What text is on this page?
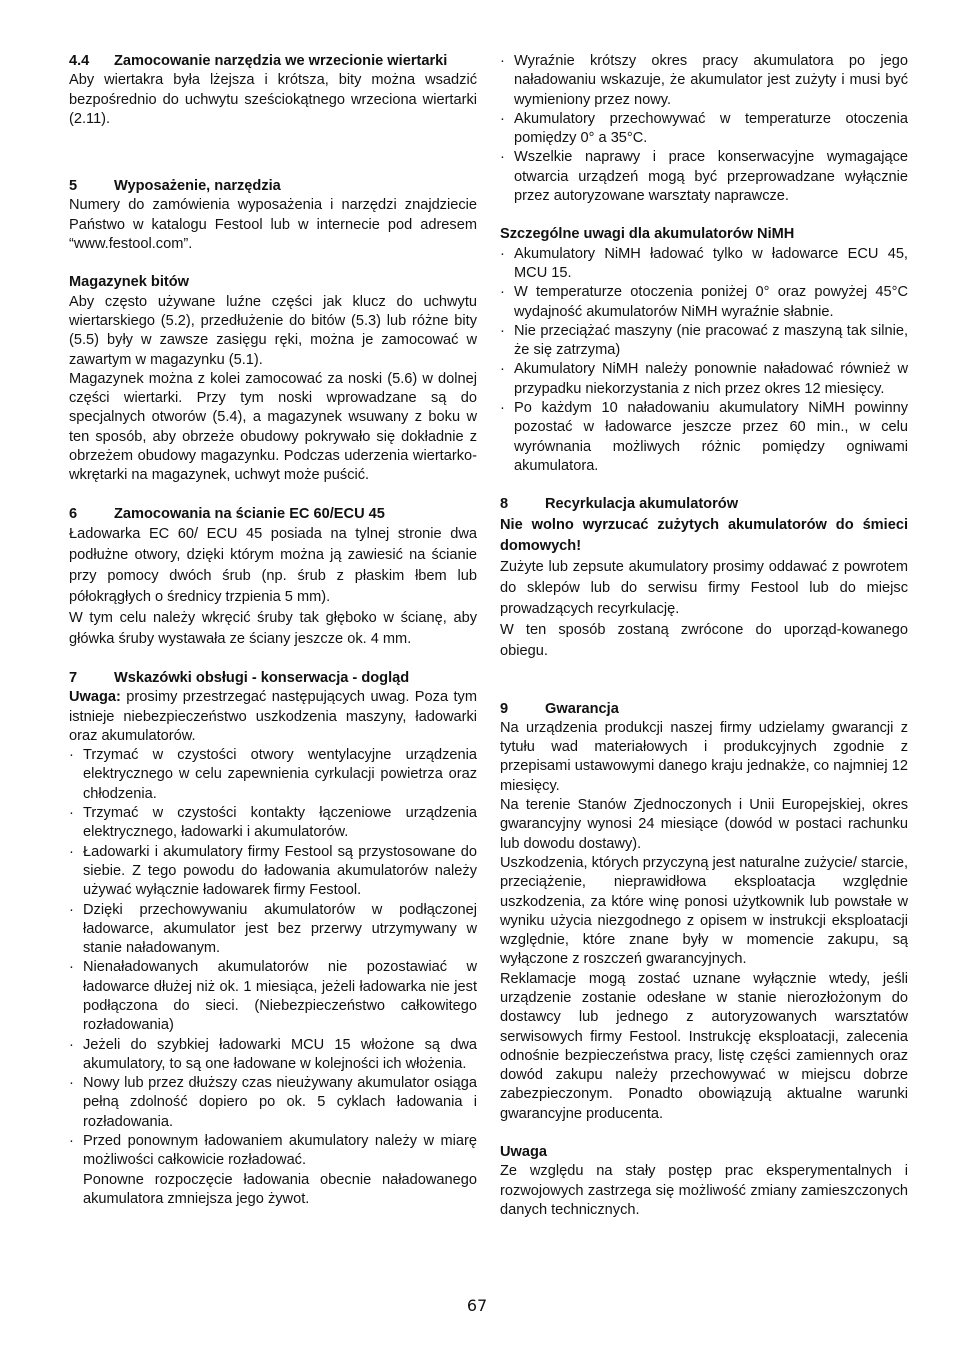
4.4 Zamocowanie narzędzia we wrzecionie wiertarki

Aby wiertakra była lżejsza i krótsza, bity można wsadzić bezpośrednio do uchwytu sześciokątnego wrzeciona wiertarki (2.11).

5	Wyposażenie, narzędzia

Numery do zamówienia wyposażenia i narzędzi znajdziecie Państwo w katalogu Festool lub w internecie pod adresem “www.festool.com”.

Magazynek bitów

Aby często używane luźne części jak klucz do uchwytu wiertarskiego (5.2), przedłużenie do bitów (5.3) lub różne bity (5.5) były w zawsze zasięgu ręki, można je zamocować w zawartym w magazynku (5.1).

Magazynek można z kolei zamocować za noski (5.6) w dolnej części wiertarki. Przy tym noski wprowadzane są do specjalnych otworów (5.4), a magazynek wsuwany z boku w ten sposób, aby obrzeże obudowy pokrywało się dokładnie z obrzeżem obudowy magazynku. Podczas uderzenia wiertarko-wkrętarki na magazynek, uchwyt może puścić.

6	Zamocowania na ścianie EC 60/ECU 45

Ładowarka EC 60/ ECU 45 posiada na tylnej stronie dwa podłużne otwory, dzięki którym można ją zawiesić na ścianie przy pomocy dwóch śrub (np. śrub z płaskim łbem lub półokrągłych o średnicy trzpienia 5 mm).

W tym celu należy wkręcić śruby tak głęboko w ścianę, aby główka śruby wystawała ze ściany jeszcze ok. 4 mm.

7	Wskazówki obsługi - konserwacja - dogląd

Uwaga: prosimy przestrzegać następujących uwag. Poza tym istnieje niebezpieczeństwo uszkodzenia maszyny, ładowarki oraz akumulatorów.

· Trzymać w czystości otwory wentylacyjne urządzenia elektrycznego w celu zapewnienia cyrkulacji powietrza oraz chłodzenia.
· Trzymać w czystości kontakty łączeniowe urządzenia elektrycznego, ładowarki i akumulatorów.
· Ładowarki i akumulatory firmy Festool są przystosowane do siebie. Z tego powodu do ładowania akumulatorów należy używać wyłącznie ładowarek firmy Festool.
· Dzięki przechowywaniu akumulatorów w podłączonej ładowarce, akumulator jest bez przerwy utrzymywany w stanie naładowanym.
· Nienaładowanych akumulatorów nie pozostawiać w ładowarce dłużej niż ok. 1 miesiąca, jeżeli ładowarka nie jest podłączona do sieci. (Niebezpieczeństwo całkowitego rozładowania)
· Jeżeli do szybkiej ładowarki MCU 15 włożone są dwa akumulatory, to są one ładowane w kolejności ich włożenia.
· Nowy lub przez dłuższy czas nieużywany akumulator osiąga pełną zdolność dopiero po ok. 5 cyklach ładowania i rozładowania.
· Przed ponownym ładowaniem akumulatory należy w miarę możliwości całkowicie rozładować.

Ponowne rozpoczęcie ładowania obecnie naładowanego akumulatora zmniejsza jego żywot.

· Wyraźnie krótszy okres pracy akumulatora po jego naładowaniu wskazuje, że akumulator jest zużyty i musi być wymieniony przez nowy.
· Akumulatory przechowywać w temperaturze otoczenia pomiędzy 0° a 35°C.
· Wszelkie naprawy i prace konserwacyjne wymagające otwarcia urządzeń mogą być przeprowadzane wyłącznie przez autoryzowane warsztaty naprawcze.

Szczególne uwagi dla akumulatorów NiMH

· Akumulatory NiMH ładować tylko w ładowarce ECU 45, MCU 15.
· W temperaturze otoczenia poniżej 0° oraz powyżej 45°C wydajność akumulatorów NiMH wyraźnie słabnie.
· Nie przeciążać maszyny (nie pracować z maszyną tak silnie, że się zatrzyma)
· Akumulatory NiMH należy ponownie naładować również w przypadku niekorzystania z nich przez okres 12 miesięcy.
· Po każdym 10 naładowaniu akumulatory NiMH powinny pozostać w ładowarce jeszcze przez 60 min., w celu wyrównania możliwych różnic pomiędzy ogniwami akumulatora.

8	Recyrkulacja akumulatorów

Nie wolno wyrzucać zużytych akumulatorów do śmieci domowych!

Zużyte lub zepsute akumulatory prosimy oddawać z powrotem do sklepów lub do serwisu firmy Festool lub do miejsc prowadzących recyrkulację.

W ten sposób zostaną zwrócone do uporząd-kowanego obiegu.

9	Gwarancja

Na urządzenia produkcji naszej firmy udzielamy gwarancji z tytułu wad materiałowych i produkcyjnych zgodnie z przepisami ustawowymi danego kraju jednakże, co najmniej 12 miesięcy.

Na terenie Stanów Zjednoczonych i Unii Europejskiej, okres gwarancyjny wynosi 24 miesiące (dowód w postaci rachunku lub dowodu dostawy).

Uszkodzenia, których przyczyną jest naturalne zużycie/ starcie, przeciążenie, nieprawidłowa eksploatacja względnie uszkodzenia, za które winę ponosi użytkownik lub powstałe w wyniku użycia niezgodnego z opisem w instrukcji eksploatacji względnie, które znane były w momencie zakupu, są wyłączone z roszczeń gwarancyjnych.

Reklamacje mogą zostać uznane wyłącznie wtedy, jeśli urządzenie zostanie odesłane w stanie nierozłożonym do dostawcy lub jednego z autoryzowanych warsztatów serwisowych firmy Festool. Instrukcję eksploatacji, zalecenia odnośnie bezpieczeństwa pracy, listę części zamiennych oraz dowód zakupu należy przechowywać w miejscu dobrze zabezpieczonym. Ponadto obowiązują aktualne warunki gwarancyjne producenta.

Uwaga

Ze względu na stały postęp prac eksperymentalnych i rozwojowych zastrzega się możliwość zmiany zamieszczonych danych technicznych.

67
